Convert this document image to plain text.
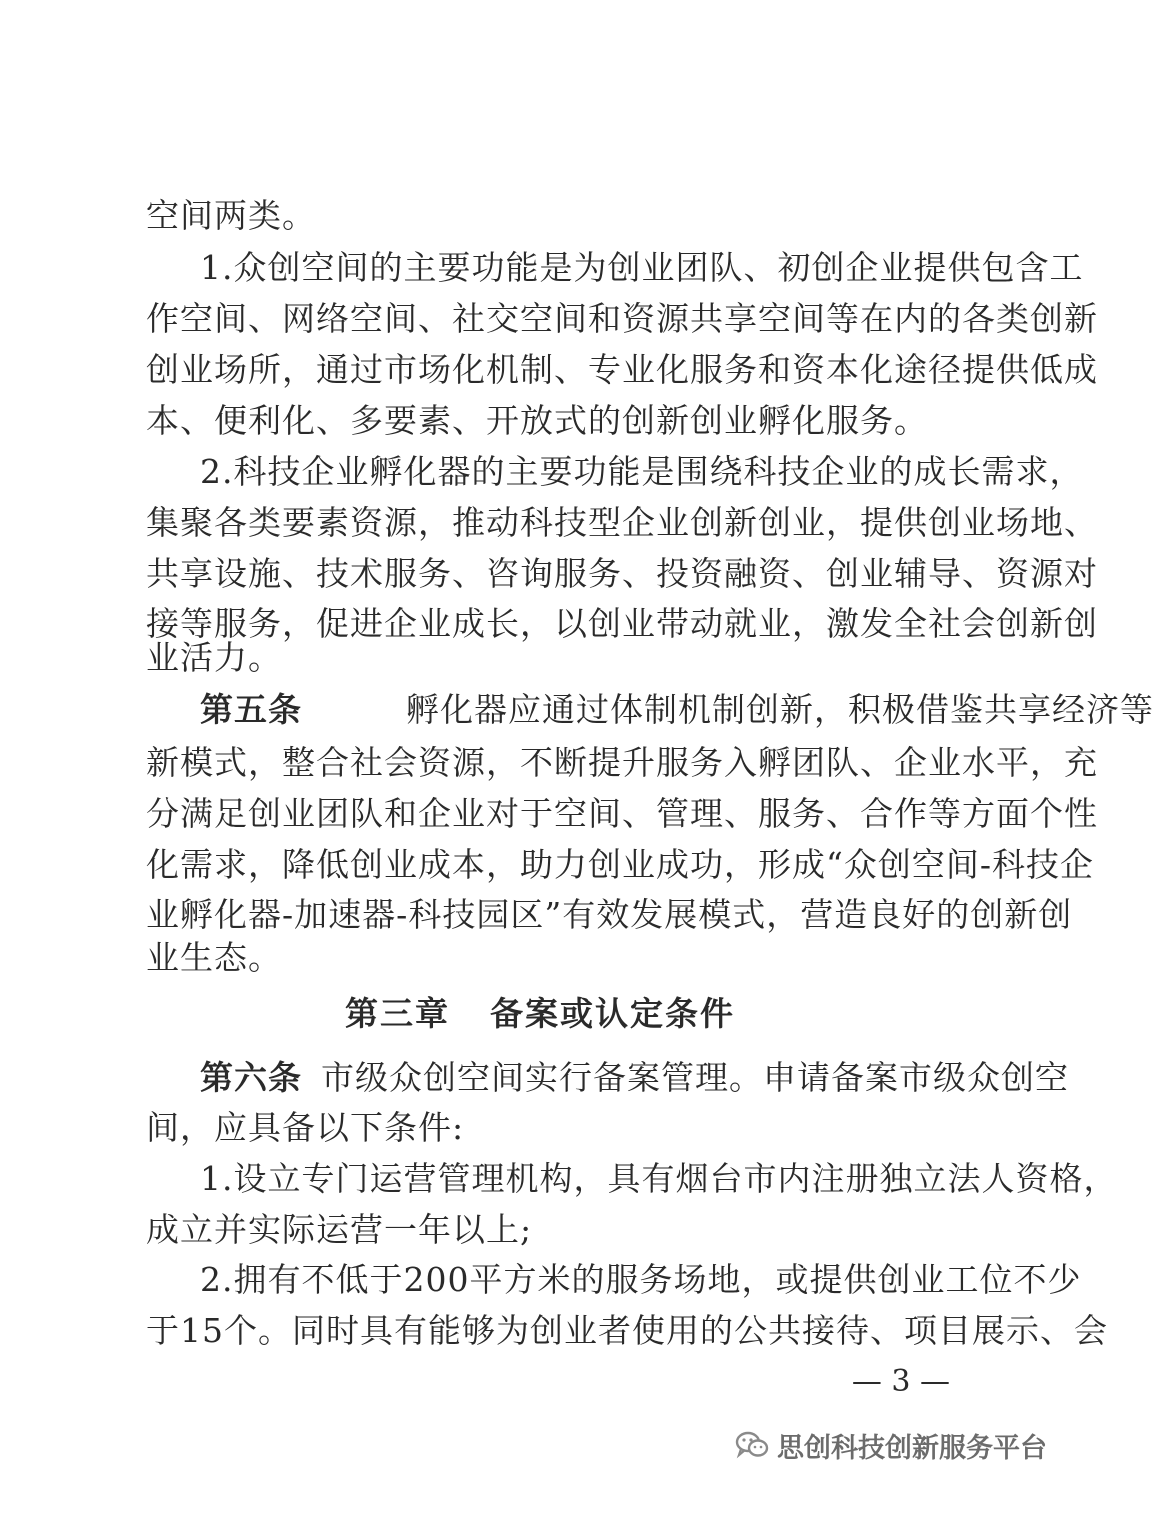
空间两类。
1 . 众 创 空 间 的 主 要 功 能 是 为 创 业 团 队 、 初 创 企 业 提 供 包 含 工
作 空 间 、 网 络 空 间 、 社 交 空 间 和 资 源 共 享 空 间 等 在 内 的 各 类 创 新
创 业 场 所 ， 通 过 市 场 化 机 制 、 专 业 化 服 务 和 资 本 化 途 径 提 供 低 成
本、便利化、多要素、开放式的创新创业孵化服务。
2 . 科 技 企 业 孵 化 器 的 主 要 功 能 是 围 绕 科 技 企 业 的 成 长 需 求 ，
集 聚 各 类 要 素 资 源 ， 推 动 科 技 型 企 业 创 新 创 业 ， 提 供 创 业 场 地 、
共 享 设 施 、 技 术 服 务 、 咨 询 服 务 、 投 资 融 资 、 创 业 辅 导 、 资 源 对
接 等 服 务 ， 促 进 企 业 成 长 ， 以 创 业 带 动 就 业 ， 激 发 全 社 会 创 新 创
业活力。
第五条	孵 化 器 应 通 过 体 制 机 制 创 新 ， 积 极 借 鉴 共 享 经 济 等
新 模 式 ， 整 合 社 会 资 源 ， 不 断 提 升 服 务 入 孵 团 队 、 企 业 水 平 ， 充
分 满 足 创 业 团 队 和 企 业 对 于 空 间 、 管 理 、 服 务 、 合 作 等 方 面 个 性
化 需 求 ， 降 低 创 业 成 本 ， 助 力 创 业 成 功 ， 形 成 “ 众 创 空 间 - 科 技 企
业 孵 化 器 - 加 速 器 - 科 技 园 区 ” 有 效 发 展 模 式 ， 营 造 良 好 的 创 新 创
业生态。
第三章 备案或认定条件
第六条 市 级 众 创 空 间 实 行 备 案 管 理 。 申 请 备 案 市 级 众 创 空
间，应具备以下条件:
1 . 设 立 专 门 运 营 管 理 机 构 ， 具 有 烟 台 市 内 注 册 独 立 法 人 资 格 ，
成立并实际运营一年以上;
2 . 拥 有 不 低 于 2 0 0 平 方 米 的 服 务 场 地 ， 或 提 供 创 业 工 位 不 少
于 1 5 个 。 同 时 具 有 能 够 为 创 业 者 使 用 的 公 共 接 待 、 项 目 展 示 、 会
— 3 —
思创科技创新服务平台
